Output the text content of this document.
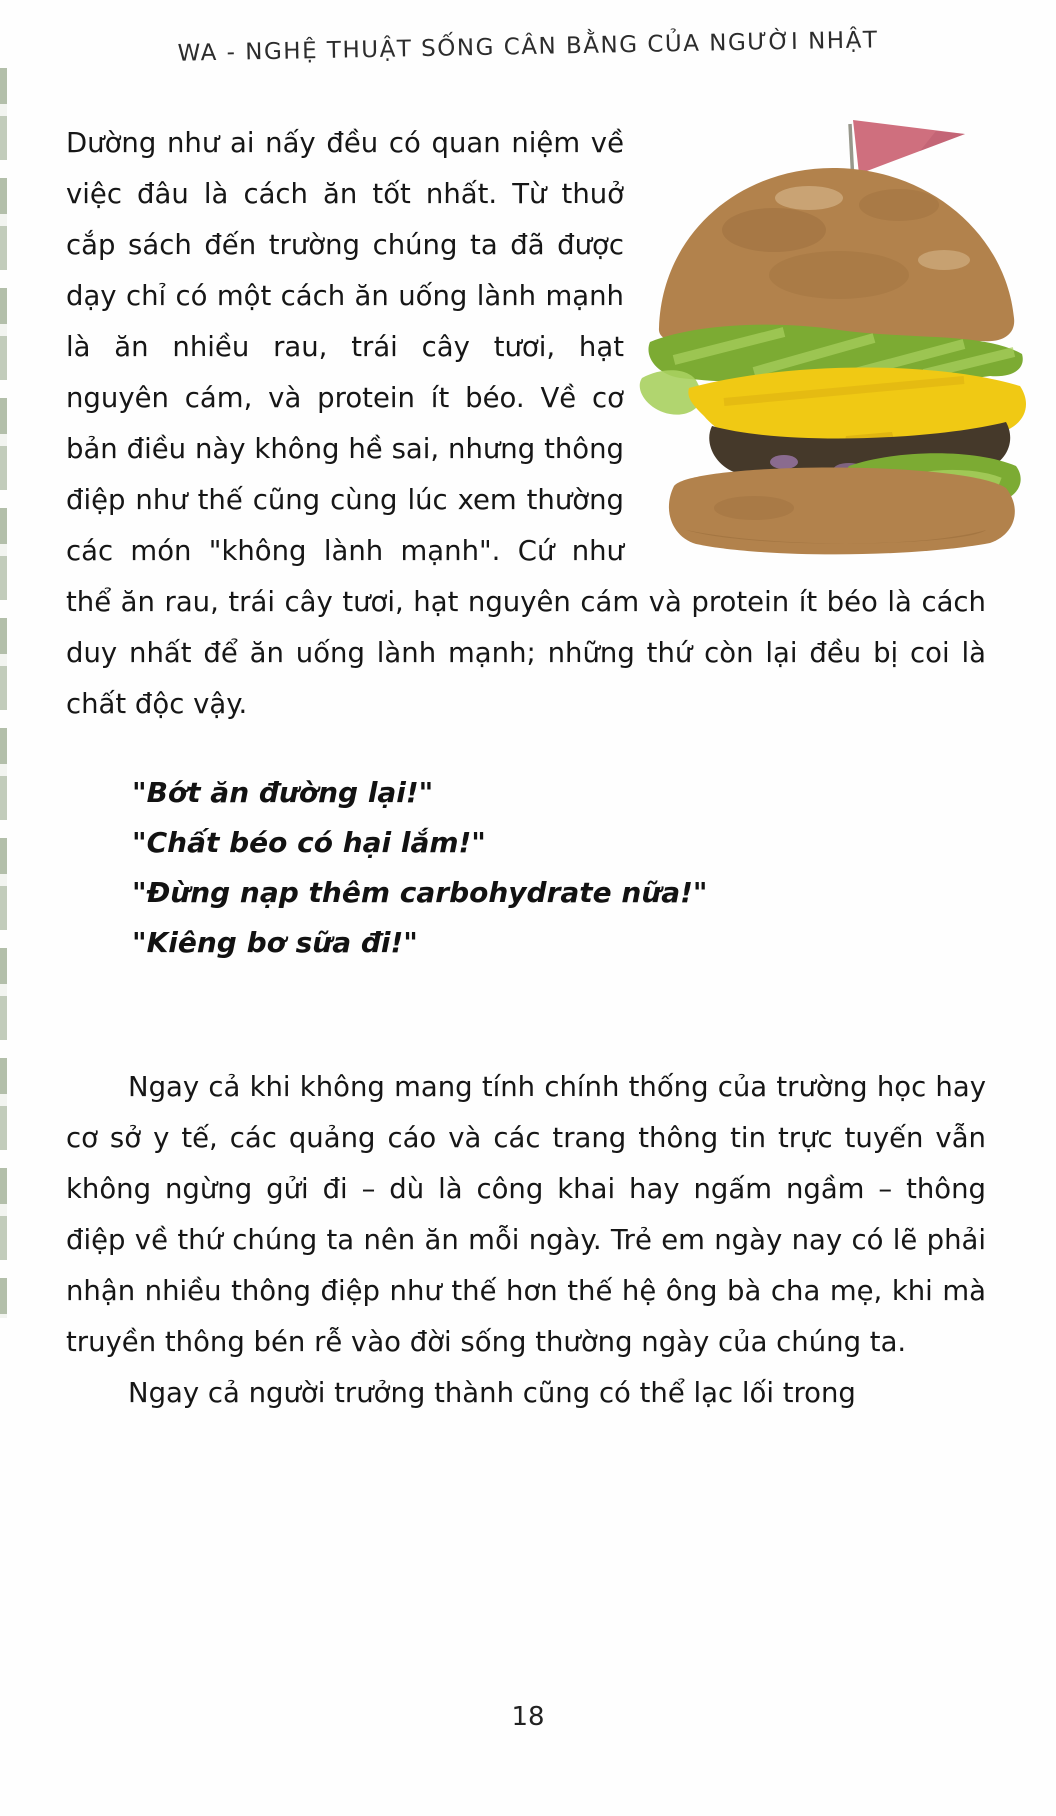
WA - NGHỆ THUẬT SỐNG CÂN BẰNG CỦA NGƯỜI NHẬT

Dường như ai nấy đều có quan niệm về việc đâu là cách ăn tốt nhất. Từ thuở cắp sách đến trường chúng ta đã được dạy chỉ có một cách ăn uống lành mạnh là ăn nhiều rau, trái cây tươi, hạt nguyên cám, và protein ít béo. Về cơ bản điều này không hề sai, nhưng thông điệp như thế cũng cùng lúc xem thường các món "không lành mạnh". Cứ như thể ăn rau, trái cây tươi, hạt nguyên cám và protein ít béo là cách duy nhất để ăn uống lành mạnh; những thứ còn lại đều bị coi là chất độc vậy.

"Bớt ăn đường lại!"
"Chất béo có hại lắm!"
"Đừng nạp thêm carbohydrate nữa!"
"Kiêng bơ sữa đi!"

Ngay cả khi không mang tính chính thống của trường học hay cơ sở y tế, các quảng cáo và các trang thông tin trực tuyến vẫn không ngừng gửi đi – dù là công khai hay ngấm ngầm – thông điệp về thứ chúng ta nên ăn mỗi ngày. Trẻ em ngày nay có lẽ phải nhận nhiều thông điệp như thế hơn thế hệ ông bà cha mẹ, khi mà truyền thông bén rễ vào đời sống thường ngày của chúng ta.

Ngay cả người trưởng thành cũng có thể lạc lối trong

18
